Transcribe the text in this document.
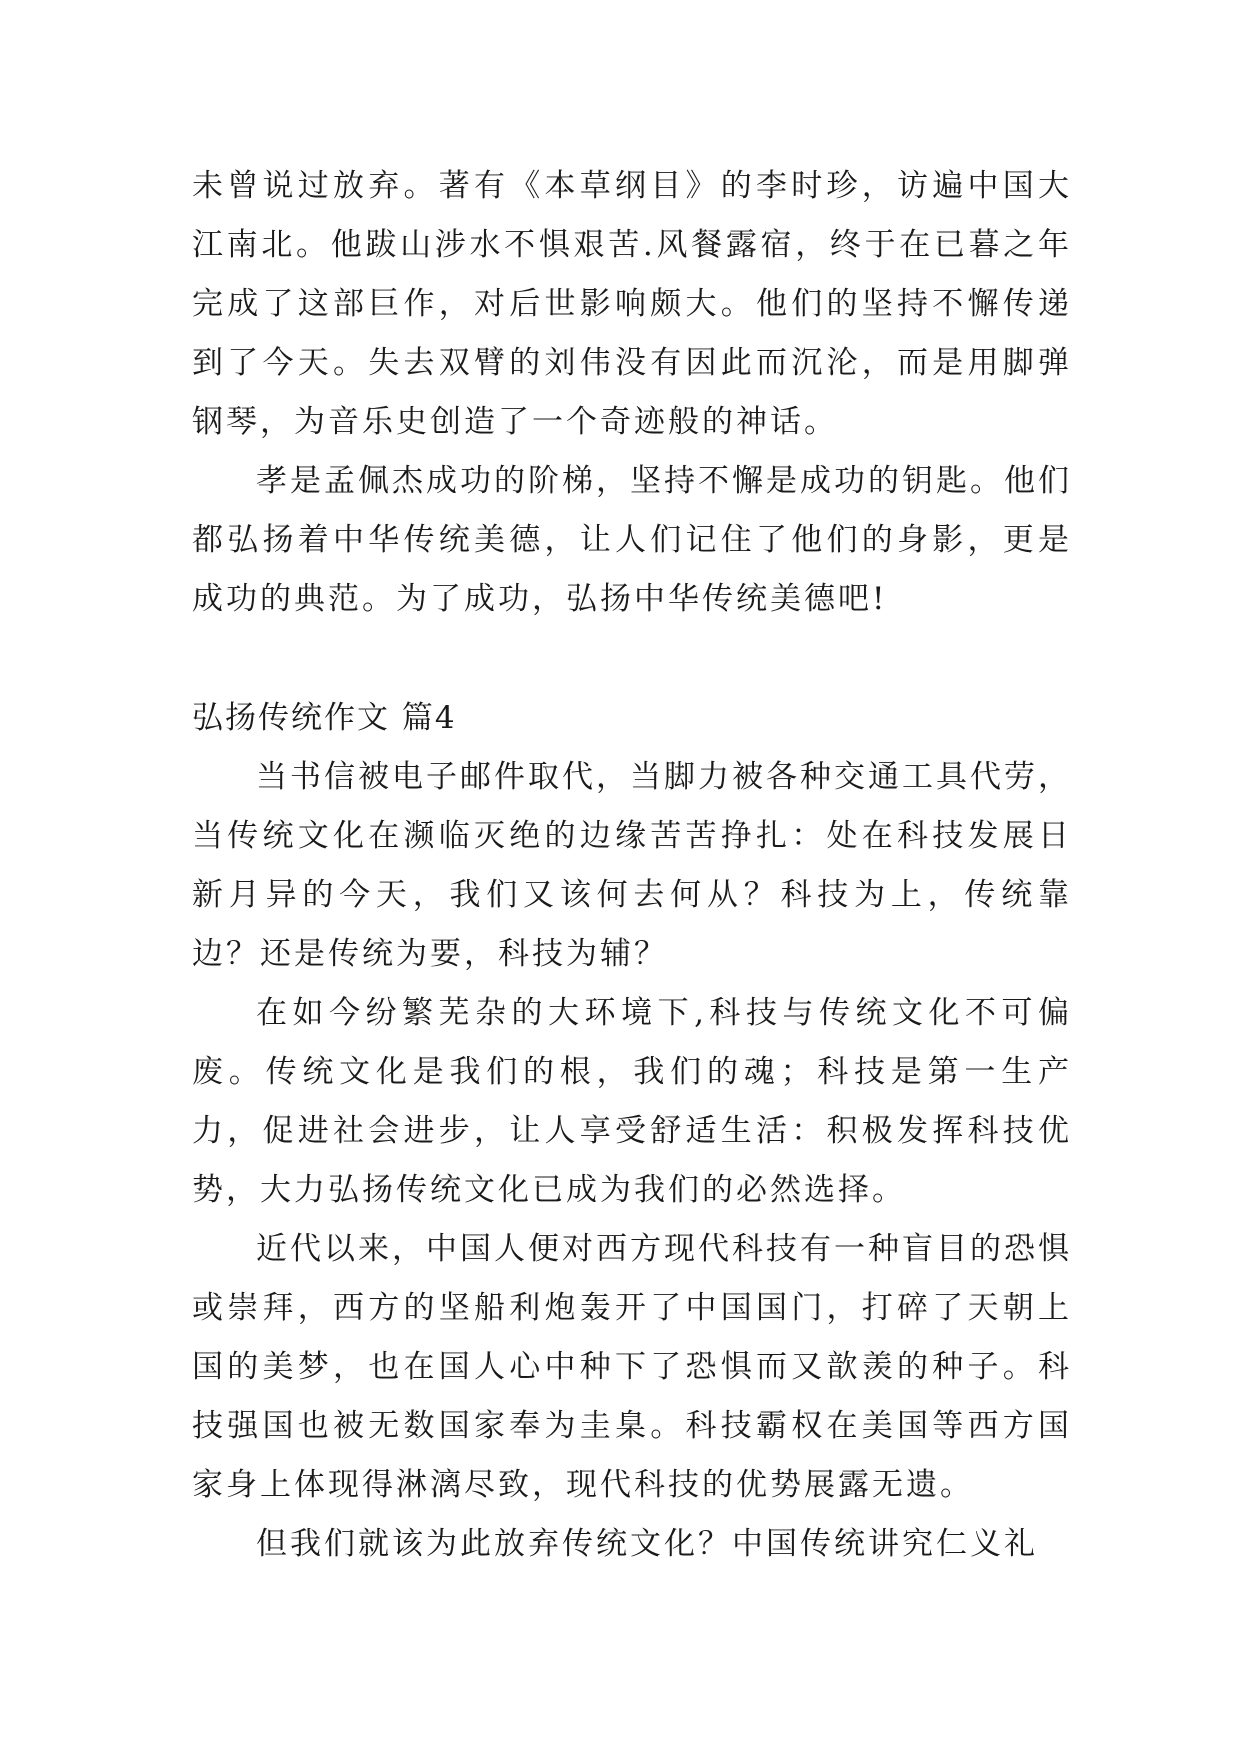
未曾说过放弃。著有《本草纲目》的李时珍，访遍中国大江南北。他跋山涉水不惧艰苦.风餐露宿，终于在已暮之年完成了这部巨作，对后世影响颇大。他们的坚持不懈传递到了今天。失去双臂的刘伟没有因此而沉沦，而是用脚弹钢琴，为音乐史创造了一个奇迹般的神话。

孝是孟佩杰成功的阶梯，坚持不懈是成功的钥匙。他们都弘扬着中华传统美德，让人们记住了他们的身影，更是成功的典范。为了成功，弘扬中华传统美德吧!

弘扬传统作文 篇4

当书信被电子邮件取代，当脚力被各种交通工具代劳，当传统文化在濒临灭绝的边缘苦苦挣扎：处在科技发展日新月异的今天，我们又该何去何从？科技为上，传统靠边？还是传统为要，科技为辅？

在如今纷繁芜杂的大环境下,科技与传统文化不可偏废。传统文化是我们的根，我们的魂；科技是第一生产力，促进社会进步，让人享受舒适生活：积极发挥科技优势，大力弘扬传统文化已成为我们的必然选择。

近代以来，中国人便对西方现代科技有一种盲目的恐惧或崇拜，西方的坚船利炮轰开了中国国门，打碎了天朝上国的美梦，也在国人心中种下了恐惧而又歆羡的种子。科技强国也被无数国家奉为圭臬。科技霸权在美国等西方国家身上体现得淋漓尽致，现代科技的优势展露无遗。

但我们就该为此放弃传统文化？中国传统讲究仁义礼
